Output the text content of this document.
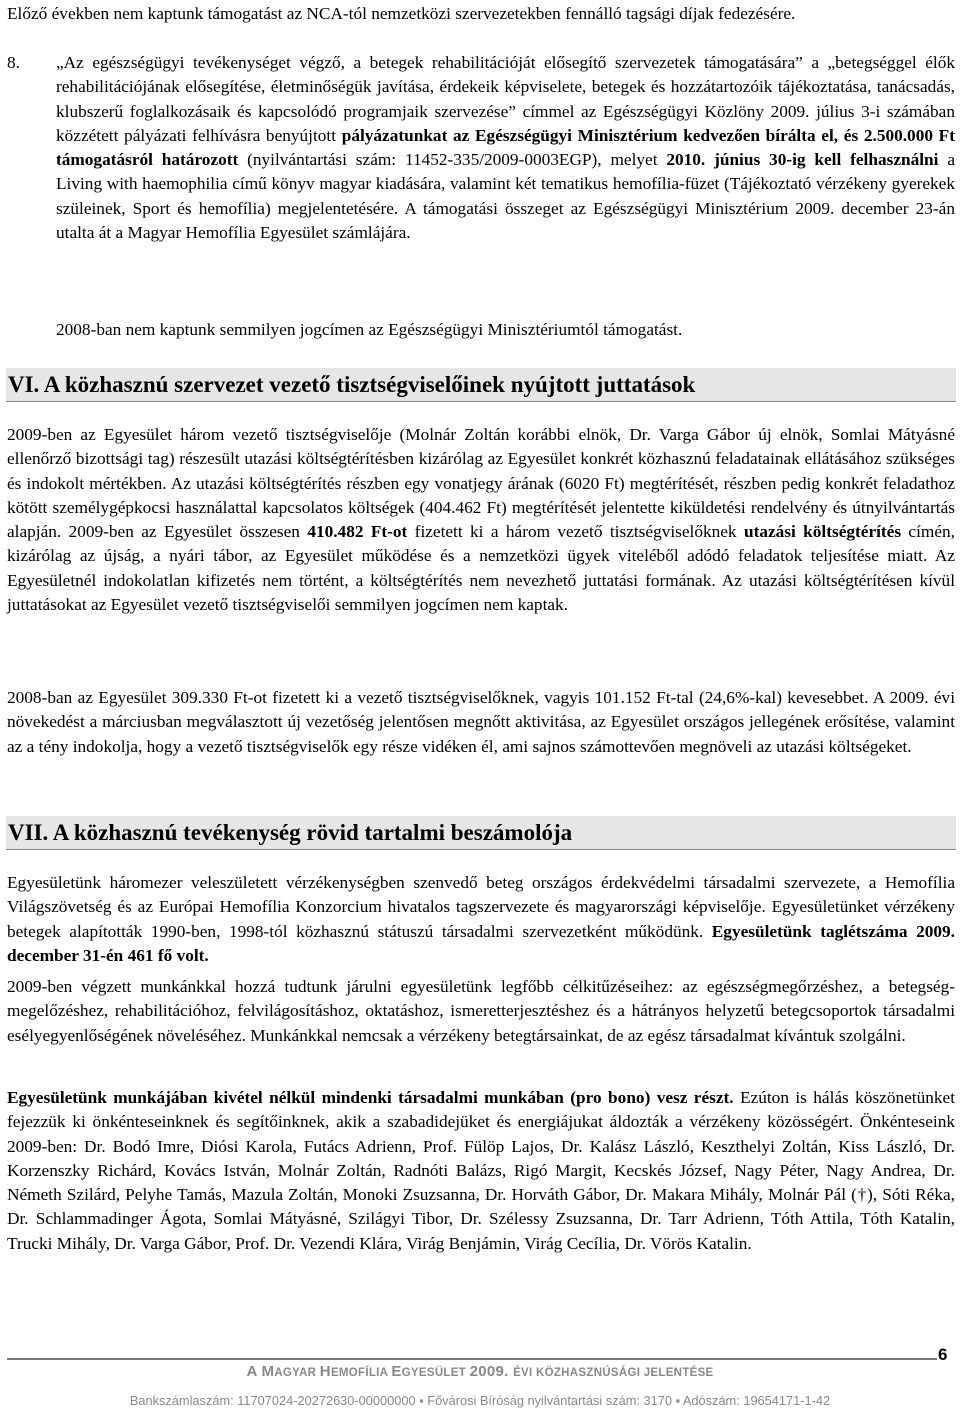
Előző években nem kaptunk támogatást az NCA-tól nemzetközi szervezetekben fennálló tagsági díjak fedezésére.

8. „Az egészségügyi tevékenységet végző, a betegek rehabilitációját elősegítő szervezetek támogatására” a „betegséggel élők rehabilitációjának elősegítése, életminőségük javítása, érdekeik képviselete, betegek és hozzátartozóik tájékoztatása, tanácsadás, klubszerű foglalkozásaik és kapcsolódó programjaik szervezése” címmel az Egészségügyi Közlöny 2009. július 3-i számában közzétett pályázati felhívásra benyújtott pályázatunkat az Egészségügyi Minisztérium kedvezően bírálta el, és 2.500.000 Ft támogatásról határozott (nyilvántartási szám: 11452-335/2009-0003EGP), melyet 2010. június 30-ig kell felhasználni a Living with haemophilia című könyv magyar kiadására, valamint két tematikus hemofília-füzet (Tájékoztató vérzékeny gyerekek szüleinek, Sport és hemofília) megjelentetésére. A támogatási összeget az Egészségügyi Minisztérium 2009. december 23-án utalta át a Magyar Hemofília Egyesület számlájára.

2008-ban nem kaptunk semmilyen jogcímen az Egészségügyi Minisztériumtól támogatást.

VI. A közhasznú szervezet vezető tisztségviselőinek nyújtott juttatások

2009-ben az Egyesület három vezető tisztségviselője (Molnár Zoltán korábbi elnök, Dr. Varga Gábor új elnök, Somlai Mátyásné ellenőrző bizottsági tag) részesült utazási költségtérítésben kizárólag az Egyesület konkrét közhasznú feladatainak ellátásához szükséges és indokolt mértékben. Az utazási költségtérítés részben egy vonatjegy árának (6020 Ft) megtérítését, részben pedig konkrét feladathoz kötött személygépkocsi használattal kapcsolatos költségek (404.462 Ft) megtérítését jelentette kiküldetési rendelvény és útnyilvántartás alapján. 2009-ben az Egyesület összesen 410.482 Ft-ot fizetett ki a három vezető tisztségviselőknek utazási költségtérítés címén, kizárólag az újság, a nyári tábor, az Egyesület működése és a nemzetközi ügyek viteléből adódó feladatok teljesítése miatt. Az Egyesületnél indokolatlan kifizetés nem történt, a költségtérítés nem nevezhető juttatási formának. Az utazási költségtérítésen kívül juttatásokat az Egyesület vezető tisztségviselői semmilyen jogcímen nem kaptak.

2008-ban az Egyesület 309.330 Ft-ot fizetett ki a vezető tisztségviselőknek, vagyis 101.152 Ft-tal (24,6%-kal) kevesebbet. A 2009. évi növekedést a márciusban megválasztott új vezetőség jelentősen megnőtt aktivitása, az Egyesület országos jellegének erősítése, valamint az a tény indokolja, hogy a vezető tisztségviselők egy része vidéken él, ami sajnos számottevően megnöveli az utazási költségeket.

VII. A közhasznú tevékenység rövid tartalmi beszámolója

Egyesületünk háromezer veleszületett vérzékenységben szenvedő beteg országos érdekvédelmi társadalmi szervezete, a Hemofília Világszövetség és az Európai Hemofília Konzorcium hivatalos tagszervezete és magyarországi képviselője. Egyesületünket vérzékeny betegek alapították 1990-ben, 1998-tól közhasznú státuszú társadalmi szervezetként működünk. Egyesületünk taglétszáma 2009. december 31-én 461 fő volt.

2009-ben végzett munkánkkal hozzá tudtunk járulni egyesületünk legfőbb célkitűzéseihez: az egészségmegőrzéshez, a betegség-megelőzéshez, rehabilitációhoz, felvilágosításhoz, oktatáshoz, ismeretterjesztéshez és a hátrányos helyzetű betegcsoportok társadalmi esélyegyenlőségének növeléséhez. Munkánkkal nemcsak a vérzékeny betegtársainkat, de az egész társadalmat kívántuk szolgálni.

Egyesületünk munkájában kivétel nélkül mindenki társadalmi munkában (pro bono) vesz részt. Ezúton is hálás köszönetünket fejezzük ki önkénteseinknek és segítőinknek, akik a szabadidejüket és energiájukat áldozták a vérzékeny közösségért. Önkénteseink 2009-ben: Dr. Bodó Imre, Diósi Karola, Futács Adrienn, Prof. Fülöp Lajos, Dr. Kalász László, Keszthelyi Zoltán, Kiss László, Dr. Korzenszky Richárd, Kovács István, Molnár Zoltán, Radnóti Balázs, Rigó Margit, Kecskés József, Nagy Péter, Nagy Andrea, Dr. Németh Szilárd, Pelyhe Tamás, Mazula Zoltán, Monoki Zsuzsanna, Dr. Horváth Gábor, Dr. Makara Mihály, Molnár Pál (†), Sóti Réka, Dr. Schlammadinger Ágota, Somlai Mátyásné, Szilágyi Tibor, Dr. Szélessy Zsuzsanna, Dr. Tarr Adrienn, Tóth Attila, Tóth Katalin, Trucki Mihály, Dr. Varga Gábor, Prof. Dr. Vezendi Klára, Virág Benjámin, Virág Cecília, Dr. Vörös Katalin.

6
A MAGYAR HEMOFÍLIA EGYESÜLET 2009. ÉVI KÖZHASZNÚSÁGI JELENTÉSE
Bankszámlaszám: 11707024-20272630-00000000 ▪ Fővárosi Bíróság nyilvántartási szám: 3170 ▪ Adószám: 19654171-1-42
